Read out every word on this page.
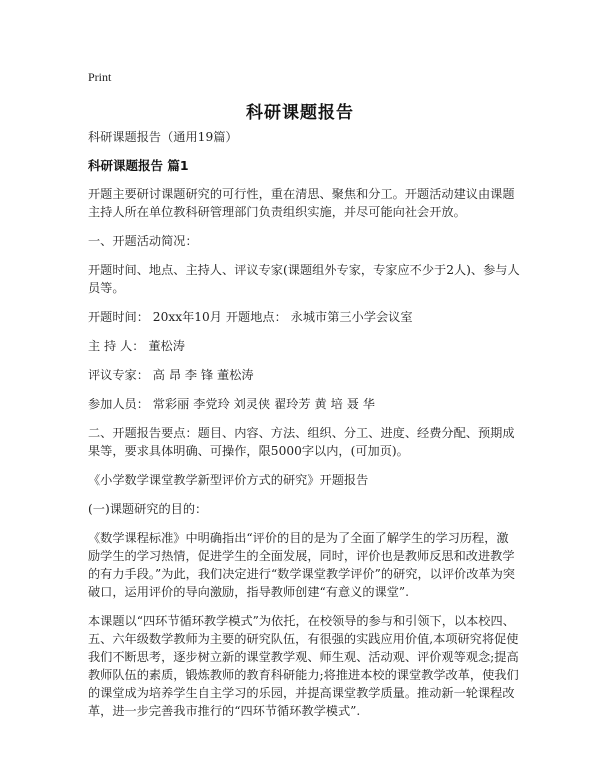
Print
科研课题报告

科研课题报告（通用19篇）

科研课题报告 篇1

开题主要研讨课题研究的可行性，重在清思、聚焦和分工。开题活动建议由课题主持人所在单位教科研管理部门负责组织实施，并尽可能向社会开放。

一、开题活动简况：

开题时间、地点、主持人、评议专家(课题组外专家，专家应不少于2人)、参与人员等。

开题时间： 20xx年10月 开题地点： 永城市第三小学会议室

主 持 人： 董松涛

评议专家： 高 昂 李 锋 董松涛

参加人员： 常彩丽 李党玲 刘灵侠 翟玲芳 黄 培 聂 华

二、开题报告要点：题目、内容、方法、组织、分工、进度、经费分配、预期成果等，要求具体明确、可操作，限5000字以内，(可加页)。

《小学数学课堂教学新型评价方式的研究》开题报告

(一)课题研究的目的：

《数学课程标准》中明确指出“评价的目的是为了全面了解学生的学习历程，激励学生的学习热情，促进学生的全面发展，同时，评价也是教师反思和改进教学的有力手段。”为此，我们决定进行“数学课堂教学评价”的研究，以评价改革为突破口，运用评价的导向激励，指导教师创建“有意义的课堂”.

本课题以“四环节循环教学模式”为依托，在校领导的参与和引领下，以本校四、五、六年级数学教师为主要的研究队伍，有很强的实践应用价值,本项研究将促使我们不断思考，逐步树立新的课堂教学观、师生观、活动观、评价观等观念;提高教师队伍的素质，锻炼教师的教育科研能力;将推进本校的课堂教学改革，使我们的课堂成为培养学生自主学习的乐园，并提高课堂教学质量。推动新一轮课程改革，进一步完善我市推行的“四环节循环教学模式”.
